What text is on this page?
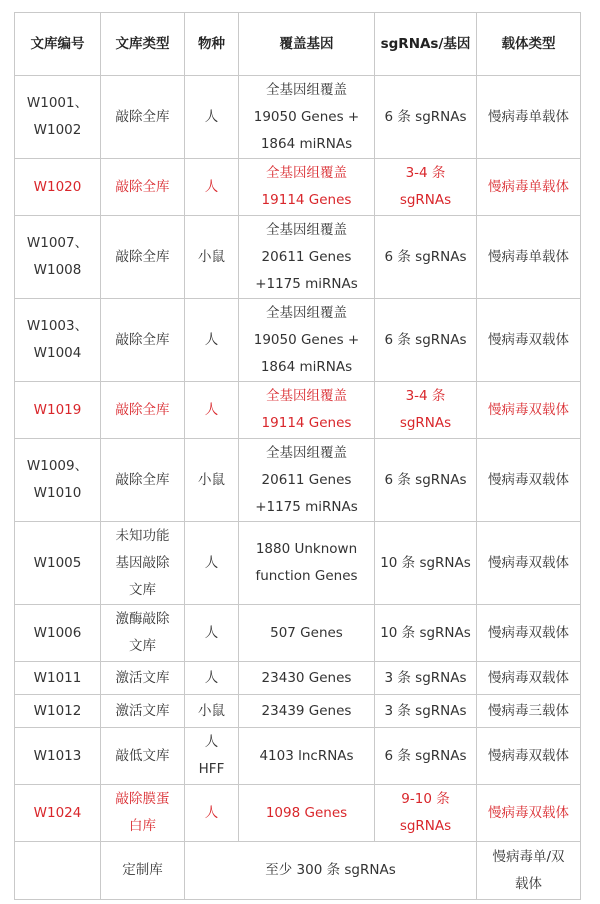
文库编号	文库类型	物种	覆盖基因	sgRNAs/基因	载体类型

W1001、
W1002	敲除全库	人	全基因组覆盖
19050 Genes +
1864 miRNAs	6 条 sgRNAs	慢病毒单载体

W1020	敲除全库	人	全基因组覆盖
19114 Genes	3-4 条
sgRNAs	慢病毒单载体

W1007、
W1008	敲除全库	小鼠	全基因组覆盖
20611 Genes
+1175 miRNAs	6 条 sgRNAs	慢病毒单载体

W1003、
W1004	敲除全库	人	全基因组覆盖
19050 Genes +
1864 miRNAs	6 条 sgRNAs	慢病毒双载体

W1019	敲除全库	人	全基因组覆盖
19114 Genes	3-4 条
sgRNAs	慢病毒双载体

W1009、
W1010	敲除全库	小鼠	全基因组覆盖
20611 Genes
+1175 miRNAs	6 条 sgRNAs	慢病毒双载体

W1005	未知功能
基因敲除
文库	人	1880 Unknown
function Genes	10 条 sgRNAs	慢病毒双载体

W1006	激酶敲除
文库	人	507 Genes	10 条 sgRNAs	慢病毒双载体

W1011	激活文库	人	23430 Genes	3 条 sgRNAs	慢病毒双载体

W1012	激活文库	小鼠	23439 Genes	3 条 sgRNAs	慢病毒三载体

W1013	敲低文库	人
HFF	4103 lncRNAs	6 条 sgRNAs	慢病毒双载体

W1024	敲除膜蛋
白库	人	1098 Genes	9-10 条
sgRNAs	慢病毒双载体

	定制库	至少 300 条 sgRNAs			慢病毒单/双
载体
